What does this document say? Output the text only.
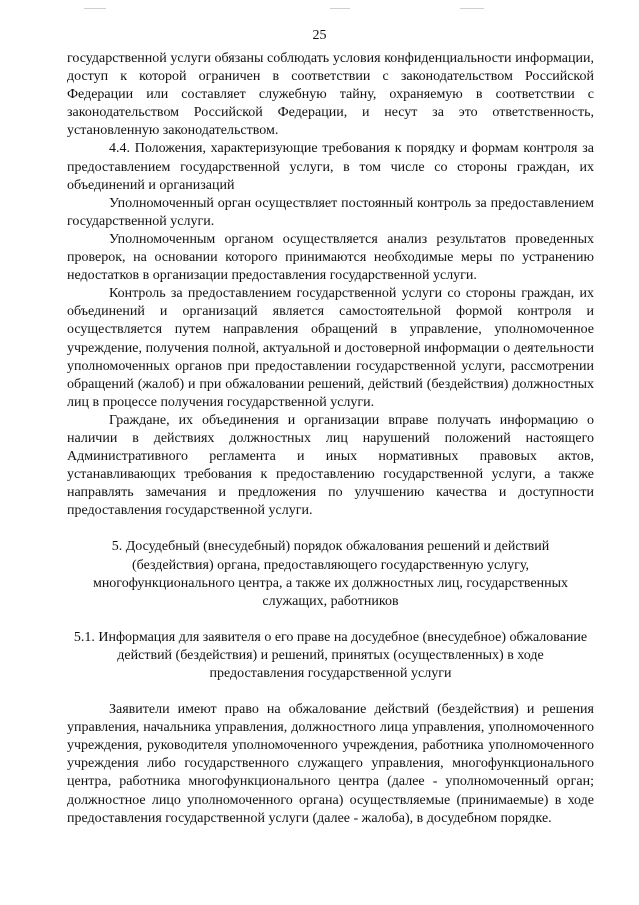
25

государственной услуги обязаны соблюдать условия конфиденциальности информации, доступ к которой ограничен в соответствии с законодательством Российской Федерации или составляет служебную тайну, охраняемую в соответствии с законодательством Российской Федерации, и несут за это ответственность, установленную законодательством.

4.4. Положения, характеризующие требования к порядку и формам контроля за предоставлением государственной услуги, в том числе со стороны граждан, их объединений и организаций

Уполномоченный орган осуществляет постоянный контроль за предоставлением государственной услуги.

Уполномоченным органом осуществляется анализ результатов проведенных проверок, на основании которого принимаются необходимые меры по устранению недостатков в организации предоставления государственной услуги.

Контроль за предоставлением государственной услуги со стороны граждан, их объединений и организаций является самостоятельной формой контроля и осуществляется путем направления обращений в управление, уполномоченное учреждение, получения полной, актуальной и достоверной информации о деятельности уполномоченных органов при предоставлении государственной услуги, рассмотрении обращений (жалоб) и при обжаловании решений, действий (бездействия) должностных лиц в процессе получения государственной услуги.

Граждане, их объединения и организации вправе получать информацию о наличии в действиях должностных лиц нарушений положений настоящего Административного регламента и иных нормативных правовых актов, устанавливающих требования к предоставлению государственной услуги, а также направлять замечания и предложения по улучшению качества и доступности предоставления государственной услуги.

5. Досудебный (внесудебный) порядок обжалования решений и действий (бездействия) органа, предоставляющего государственную услугу, многофункционального центра, а также их должностных лиц, государственных служащих, работников

5.1. Информация для заявителя о его праве на досудебное (внесудебное) обжалование действий (бездействия) и решений, принятых (осуществленных) в ходе предоставления государственной услуги

Заявители имеют право на обжалование действий (бездействия) и решения управления, начальника управления, должностного лица управления, уполномоченного учреждения, руководителя уполномоченного учреждения, работника уполномоченного учреждения либо государственного служащего управления, многофункционального центра, работника многофункционального центра (далее - уполномоченный орган; должностное лицо уполномоченного органа) осуществляемые (принимаемые) в ходе предоставления государственной услуги (далее - жалоба), в досудебном порядке.
